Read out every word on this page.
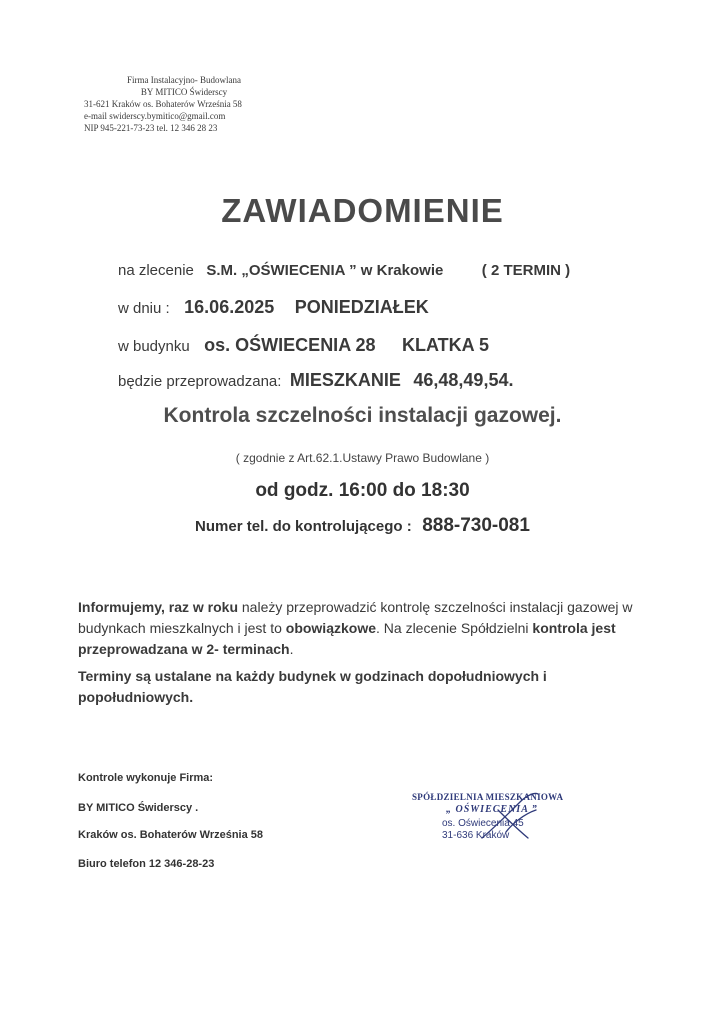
Firma Instalacyjno- Budowlana
BY MITICO Świderscy
31-621 Kraków os. Bohaterów Września 58
e-mail swiderscy.bymitico@gmail.com
NIP 945-221-73-23 tel. 12 346 28 23
ZAWIADOMIENIE
na zlecenie S.M. „OŚWIECENIA ” w Krakowie	( 2 TERMIN )
w dniu : 16.06.2025 PONIEDZIAŁEK
w budynku os. OŚWIECENIA 28 KLATKA 5
będzie przeprowadzana: MIESZKANIE 46,48,49,54.
Kontrola szczelności instalacji gazowej.
( zgodnie z Art.62.1.Ustawy Prawo Budowlane )
od godz. 16:00 do 18:30
Numer tel. do kontrolującego : 888-730-081
Informujemy, raz w roku należy przeprowadzić kontrolę szczelności instalacji gazowej w budynkach mieszkalnych i jest to obowiązkowe. Na zlecenie Spółdzielni kontrola jest przeprowadzana w 2- terminach.
Terminy są ustalane na każdy budynek w godzinach dopołudniowych i popołudniowych.
Kontrole wykonuje Firma:
BY MITICO Świderscy .
Kraków os. Bohaterów Września 58
Biuro telefon 12 346-28-23
SPÓŁDZIELNIA MIESZKANIOWA
„ OŚWIECENIA ”
os. Oświecenia 45
31-636 Kraków
